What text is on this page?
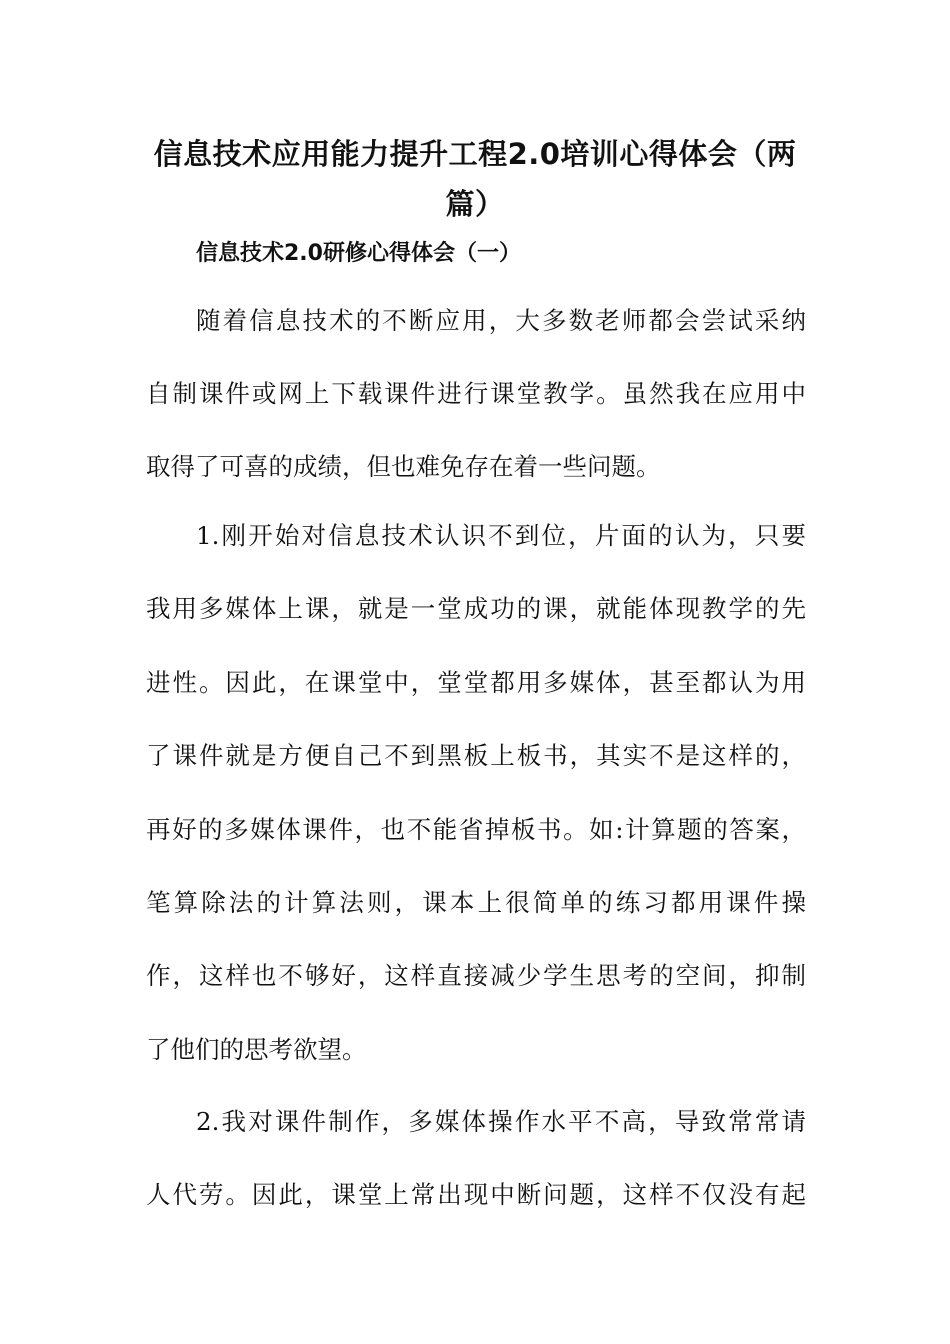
信息技术应用能力提升工程2.0培训心得体会（两
篇）
信息技术2.0研修心得体会（一）

随着信息技术的不断应用，大多数老师都会尝试采纳

自制课件或网上下载课件进行课堂教学。虽然我在应用中

取得了可喜的成绩，但也难免存在着一些问题。

1.刚开始对信息技术认识不到位，片面的认为，只要

我用多媒体上课，就是一堂成功的课，就能体现教学的先

进性。因此，在课堂中，堂堂都用多媒体，甚至都认为用

了课件就是方便自己不到黑板上板书，其实不是这样的，

再好的多媒体课件，也不能省掉板书。如:计算题的答案，

笔算除法的计算法则，课本上很简单的练习都用课件操

作，这样也不够好，这样直接减少学生思考的空间，抑制

了他们的思考欲望。

2.我对课件制作，多媒体操作水平不高，导致常常请

人代劳。因此，课堂上常出现中断问题，这样不仅没有起
